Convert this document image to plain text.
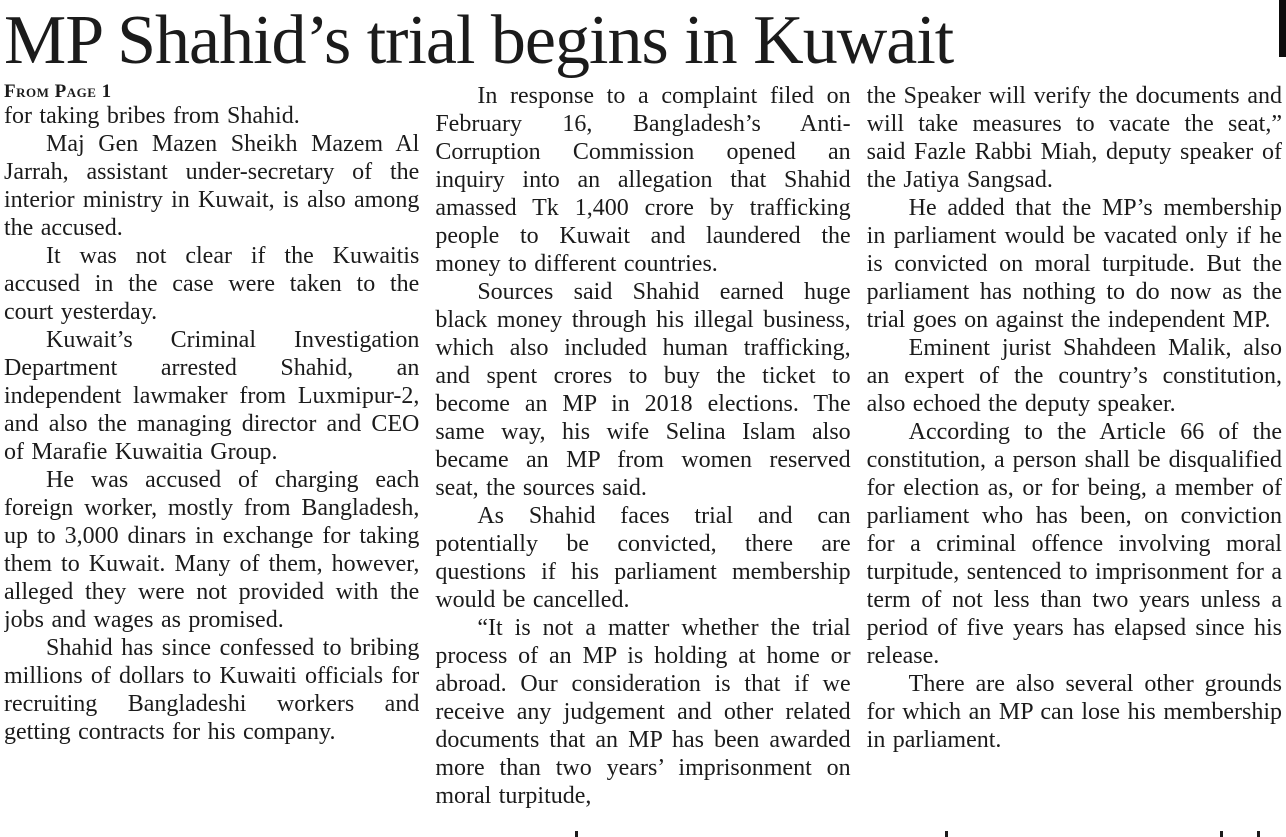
MP Shahid’s trial begins in Kuwait
From Page 1

for taking bribes from Shahid.

Maj Gen Mazen Sheikh Mazem Al Jarrah, assistant under-secretary of the interior ministry in Kuwait, is also among the accused.

It was not clear if the Kuwaitis accused in the case were taken to the court yesterday.

Kuwait’s Criminal Investigation Department arrested Shahid, an independent lawmaker from Luxmipur-2, and also the managing director and CEO of Marafie Kuwaitia Group.

He was accused of charging each foreign worker, mostly from Bangladesh, up to 3,000 dinars in exchange for taking them to Kuwait. Many of them, however, alleged they were not provided with the jobs and wages as promised.

Shahid has since confessed to bribing millions of dollars to Kuwaiti officials for recruiting Bangladeshi workers and getting contracts for his company.

In response to a complaint filed on February 16, Bangladesh’s Anti-Corruption Commission opened an inquiry into an allegation that Shahid amassed Tk 1,400 crore by trafficking people to Kuwait and laundered the money to different countries.

Sources said Shahid earned huge black money through his illegal business, which also included human trafficking, and spent crores to buy the ticket to become an MP in 2018 elections. The same way, his wife Selina Islam also became an MP from women reserved seat, the sources said.

As Shahid faces trial and can potentially be convicted, there are questions if his parliament membership would be cancelled.

“It is not a matter whether the trial process of an MP is holding at home or abroad. Our consideration is that if we receive any judgement and other related documents that an MP has been awarded more than two years’ imprisonment on moral turpitude,

the Speaker will verify the documents and will take measures to vacate the seat,” said Fazle Rabbi Miah, deputy speaker of the Jatiya Sangsad.

He added that the MP’s membership in parliament would be vacated only if he is convicted on moral turpitude. But the parliament has nothing to do now as the trial goes on against the independent MP.

Eminent jurist Shahdeen Malik, also an expert of the country’s constitution, also echoed the deputy speaker.

According to the Article 66 of the constitution, a person shall be disqualified for election as, or for being, a member of parliament who has been, on conviction for a criminal offence involving moral turpitude, sentenced to imprisonment for a term of not less than two years unless a period of five years has elapsed since his release.

There are also several other grounds for which an MP can lose his membership in parliament.
